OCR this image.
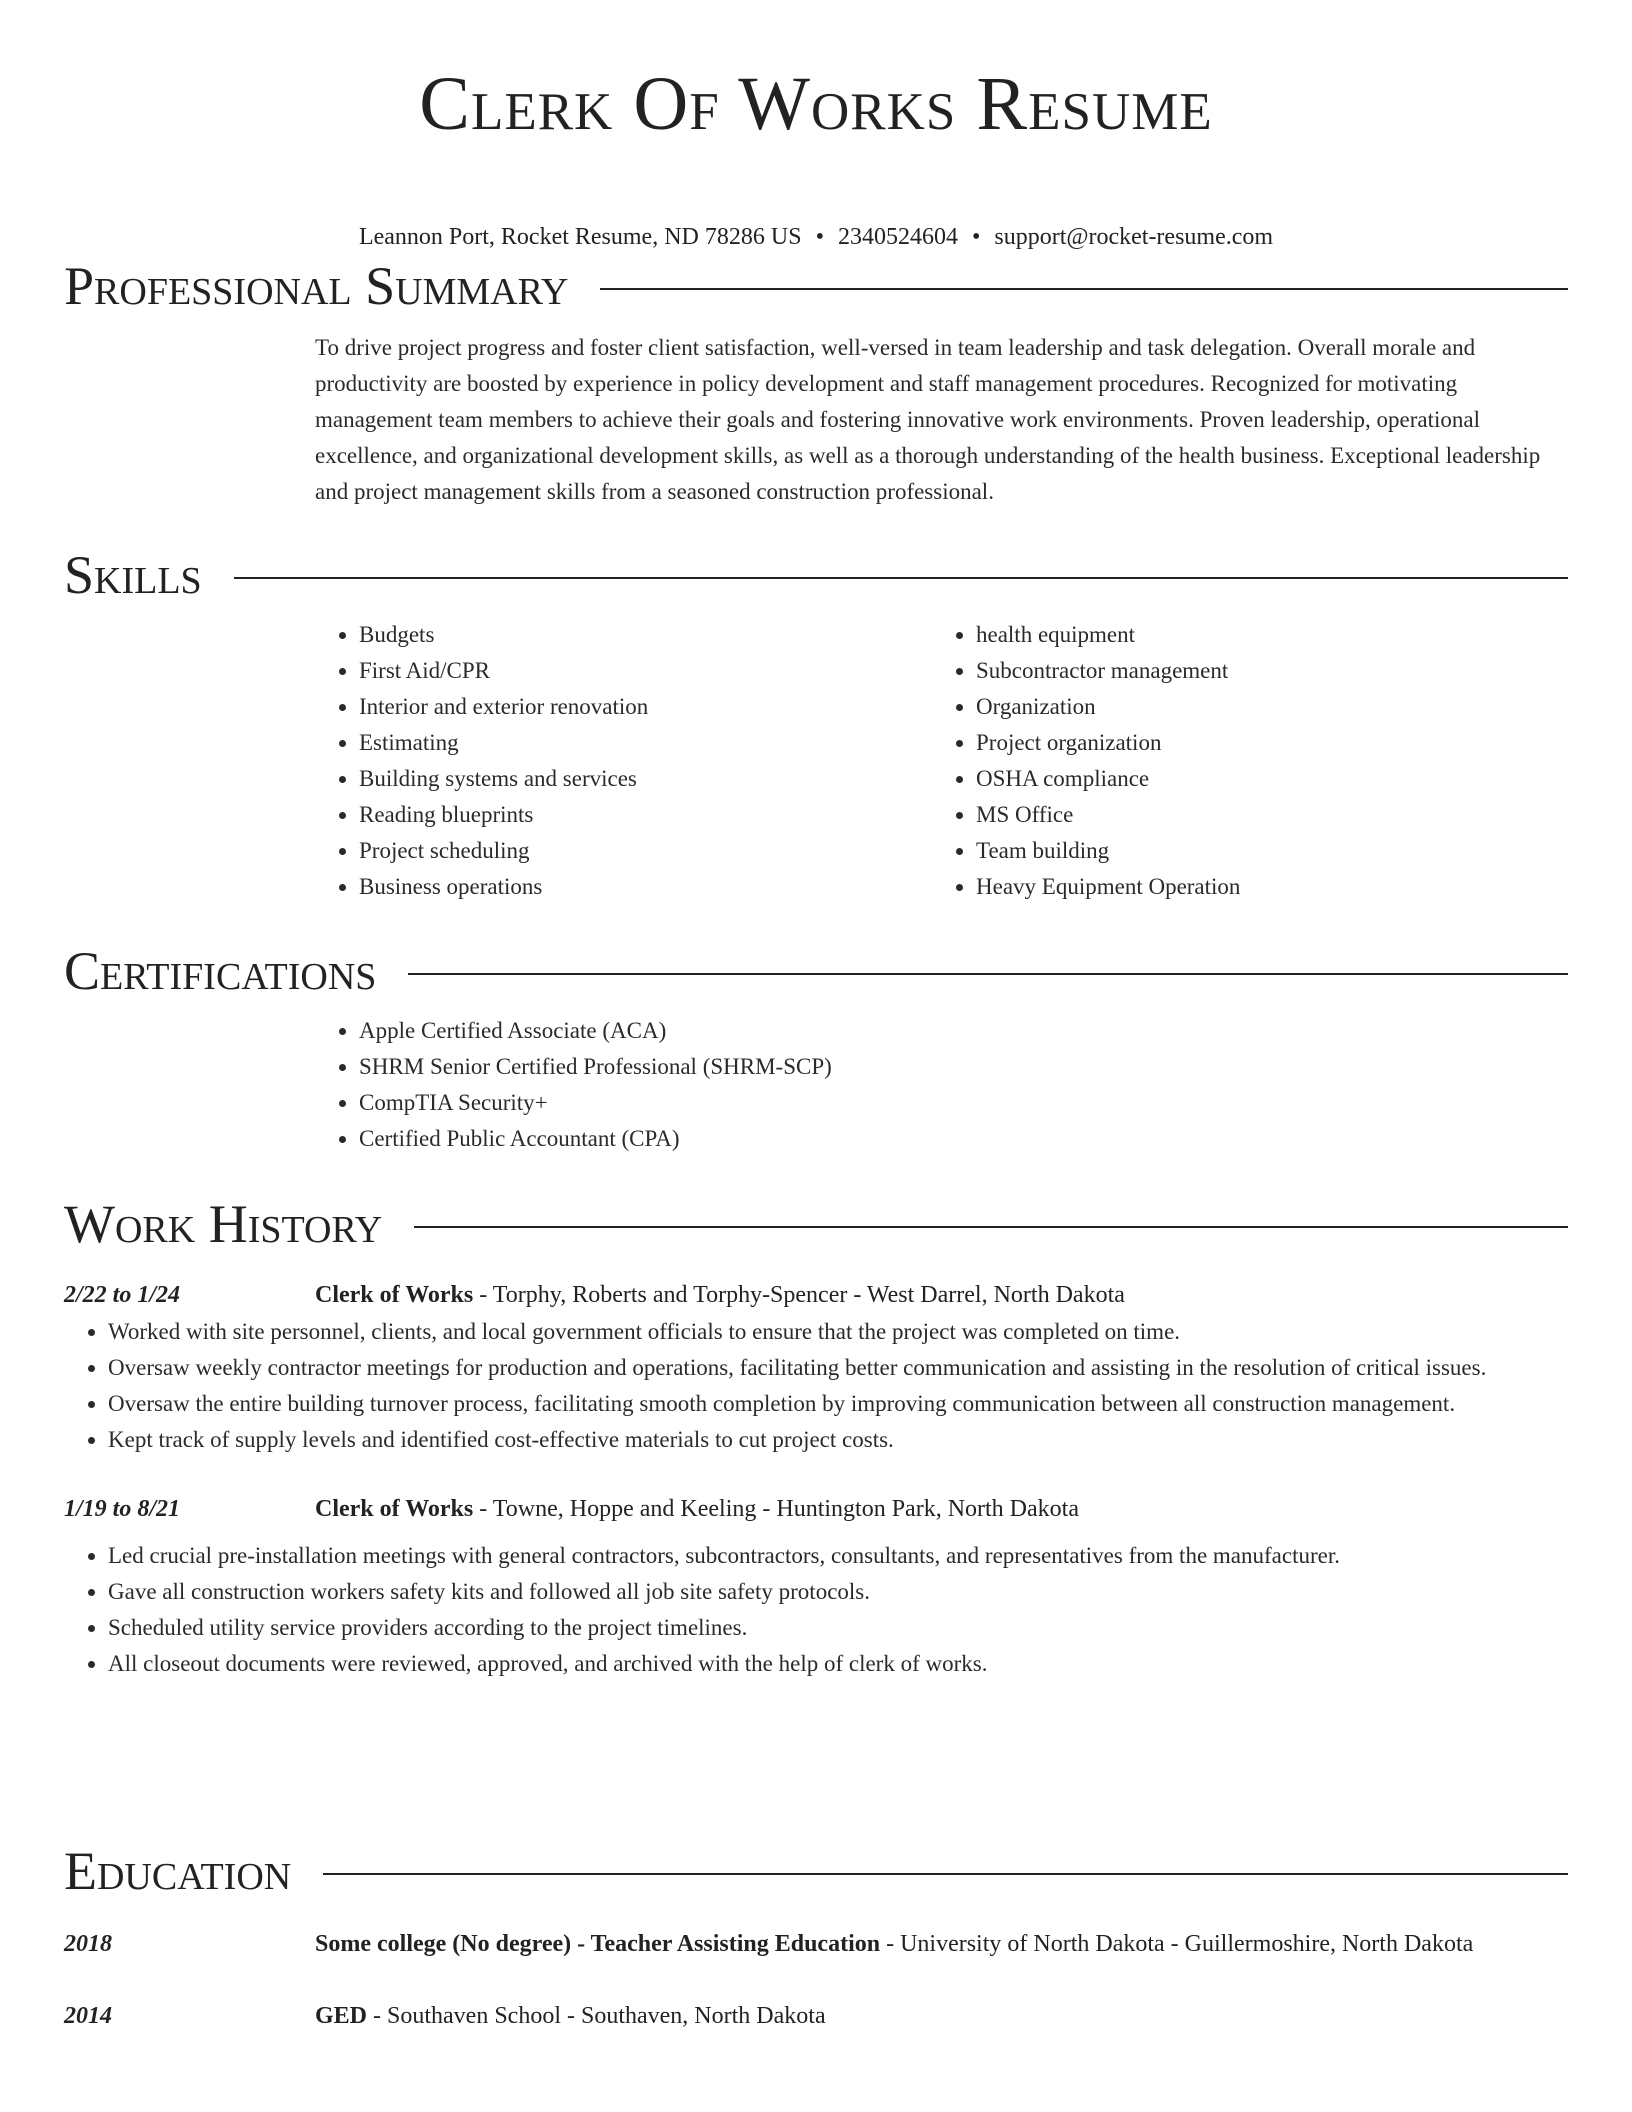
Clerk Of Works Resume
Leannon Port, Rocket Resume, ND 78286 US • 2340524604 • support@rocket-resume.com
Professional Summary

To drive project progress and foster client satisfaction, well-versed in team leadership and task delegation. Overall morale and productivity are boosted by experience in policy development and staff management procedures. Recognized for motivating management team members to achieve their goals and fostering innovative work environments. Proven leadership, operational excellence, and organizational development skills, as well as a thorough understanding of the health business. Exceptional leadership and project management skills from a seasoned construction professional.

Skills
• Budgets
• First Aid/CPR
• Interior and exterior renovation
• Estimating
• Building systems and services
• Reading blueprints
• Project scheduling
• Business operations
• health equipment
• Subcontractor management
• Organization
• Project organization
• OSHA compliance
• MS Office
• Team building
• Heavy Equipment Operation
Certifications
• Apple Certified Associate (ACA)
• SHRM Senior Certified Professional (SHRM-SCP)
• CompTIA Security+
• Certified Public Accountant (CPA)
Work History
2/22 to 1/24	Clerk of Works - Torphy, Roberts and Torphy-Spencer - West Darrel, North Dakota
• Worked with site personnel, clients, and local government officials to ensure that the project was completed on time.
• Oversaw weekly contractor meetings for production and operations, facilitating better communication and assisting in the resolution of critical issues.
• Oversaw the entire building turnover process, facilitating smooth completion by improving communication between all construction management.
• Kept track of supply levels and identified cost-effective materials to cut project costs.
1/19 to 8/21	Clerk of Works - Towne, Hoppe and Keeling - Huntington Park, North Dakota
• Led crucial pre-installation meetings with general contractors, subcontractors, consultants, and representatives from the manufacturer.
• Gave all construction workers safety kits and followed all job site safety protocols.
• Scheduled utility service providers according to the project timelines.
• All closeout documents were reviewed, approved, and archived with the help of clerk of works.
Education
2018	Some college (No degree) - Teacher Assisting Education - University of North Dakota - Guillermoshire, North Dakota
2014	GED - Southaven School - Southaven, North Dakota
